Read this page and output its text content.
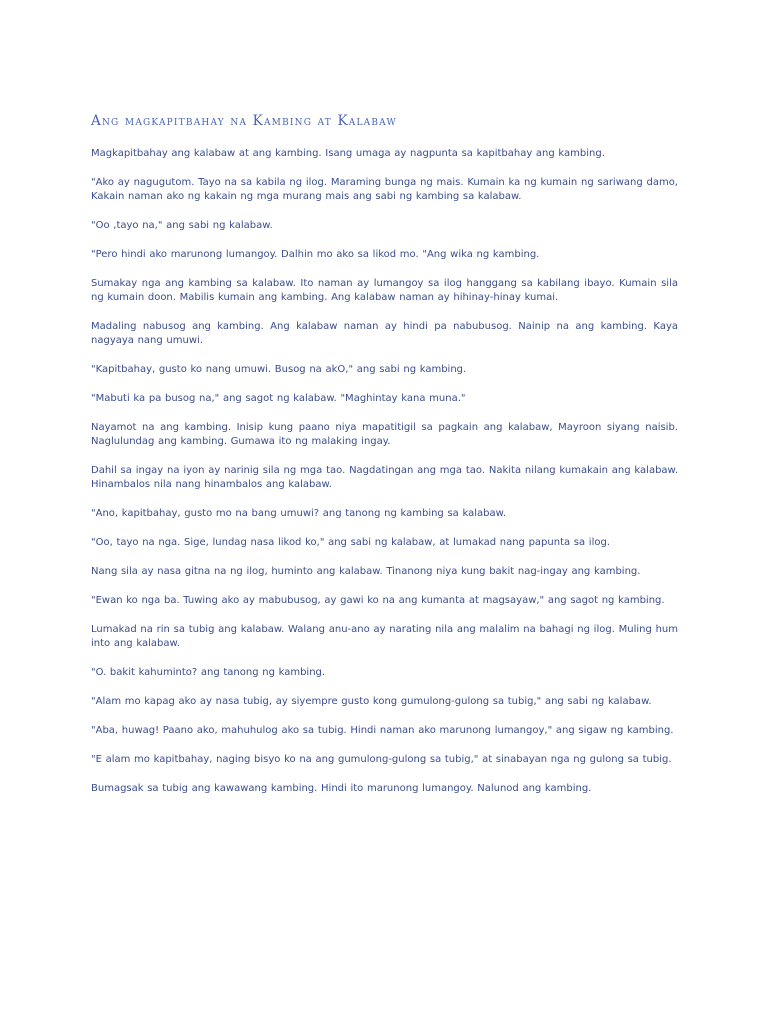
Ang magkapitbahay na Kambing at Kalabaw

Magkapitbahay ang kalabaw at ang kambing. Isang umaga ay nagpunta sa kapitbahay ang kambing.

"Ako ay nagugutom. Tayo na sa kabila ng ilog. Maraming bunga ng mais. Kumain ka ng kumain ng sariwang damo, Kakain naman ako ng kakain ng mga murang mais ang sabi ng kambing sa kalabaw.

"Oo ,tayo na," ang sabi ng kalabaw.

"Pero hindi ako marunong lumangoy. Dalhin mo ako sa likod mo. "Ang wika ng kambing.

Sumakay nga ang kambing sa kalabaw. Ito naman ay lumangoy sa ilog hanggang sa kabilang ibayo. Kumain sila ng kumain doon. Mabilis kumain ang kambing. Ang kalabaw naman ay hihinay-hinay kumai.

Madaling nabusog ang kambing. Ang kalabaw naman ay hindi pa nabubusog. Nainip na ang kambing. Kaya nagyaya nang umuwi.

"Kapitbahay, gusto ko nang umuwi. Busog na akO," ang sabi ng kambing.

"Mabuti ka pa busog na," ang sagot ng kalabaw. "Maghintay kana muna."

Nayamot na ang kambing. Inisip kung paano niya mapatitigil sa pagkain ang kalabaw, Mayroon siyang naisib. Naglulundag ang kambing. Gumawa ito ng malaking ingay.

Dahil sa ingay na iyon ay narinig sila ng mga tao. Nagdatingan ang mga tao. Nakita nilang kumakain ang kalabaw. Hinambalos nila nang hinambalos ang kalabaw.

"Ano, kapitbahay, gusto mo na bang umuwi? ang tanong ng kambing sa kalabaw.

"Oo, tayo na nga. Sige, lundag nasa likod ko," ang sabi ng kalabaw, at lumakad nang papunta sa ilog.

Nang sila ay nasa gitna na ng ilog, huminto ang kalabaw. Tinanong niya kung bakit nag-ingay ang kambing.

"Ewan ko nga ba. Tuwing ako ay mabubusog, ay gawi ko na ang kumanta at magsayaw," ang sagot ng kambing.

Lumakad na rin sa tubig ang kalabaw. Walang anu-ano ay narating nila ang malalim na bahagi ng ilog. Muling hum into ang kalabaw.

"O. bakit kahuminto? ang tanong ng kambing.

"Alam mo kapag ako ay nasa tubig, ay siyempre gusto kong gumulong-gulong sa tubig," ang sabi ng kalabaw.

"Aba, huwag! Paano ako, mahuhulog ako sa tubig. Hindi naman ako marunong lumangoy," ang sigaw ng kambing.

"E alam mo kapitbahay, naging bisyo ko na ang gumulong-gulong sa tubig," at sinabayan nga ng gulong sa tubig.

Bumagsak sa tubig ang kawawang kambing. Hindi ito marunong lumangoy. Nalunod ang kambing.
